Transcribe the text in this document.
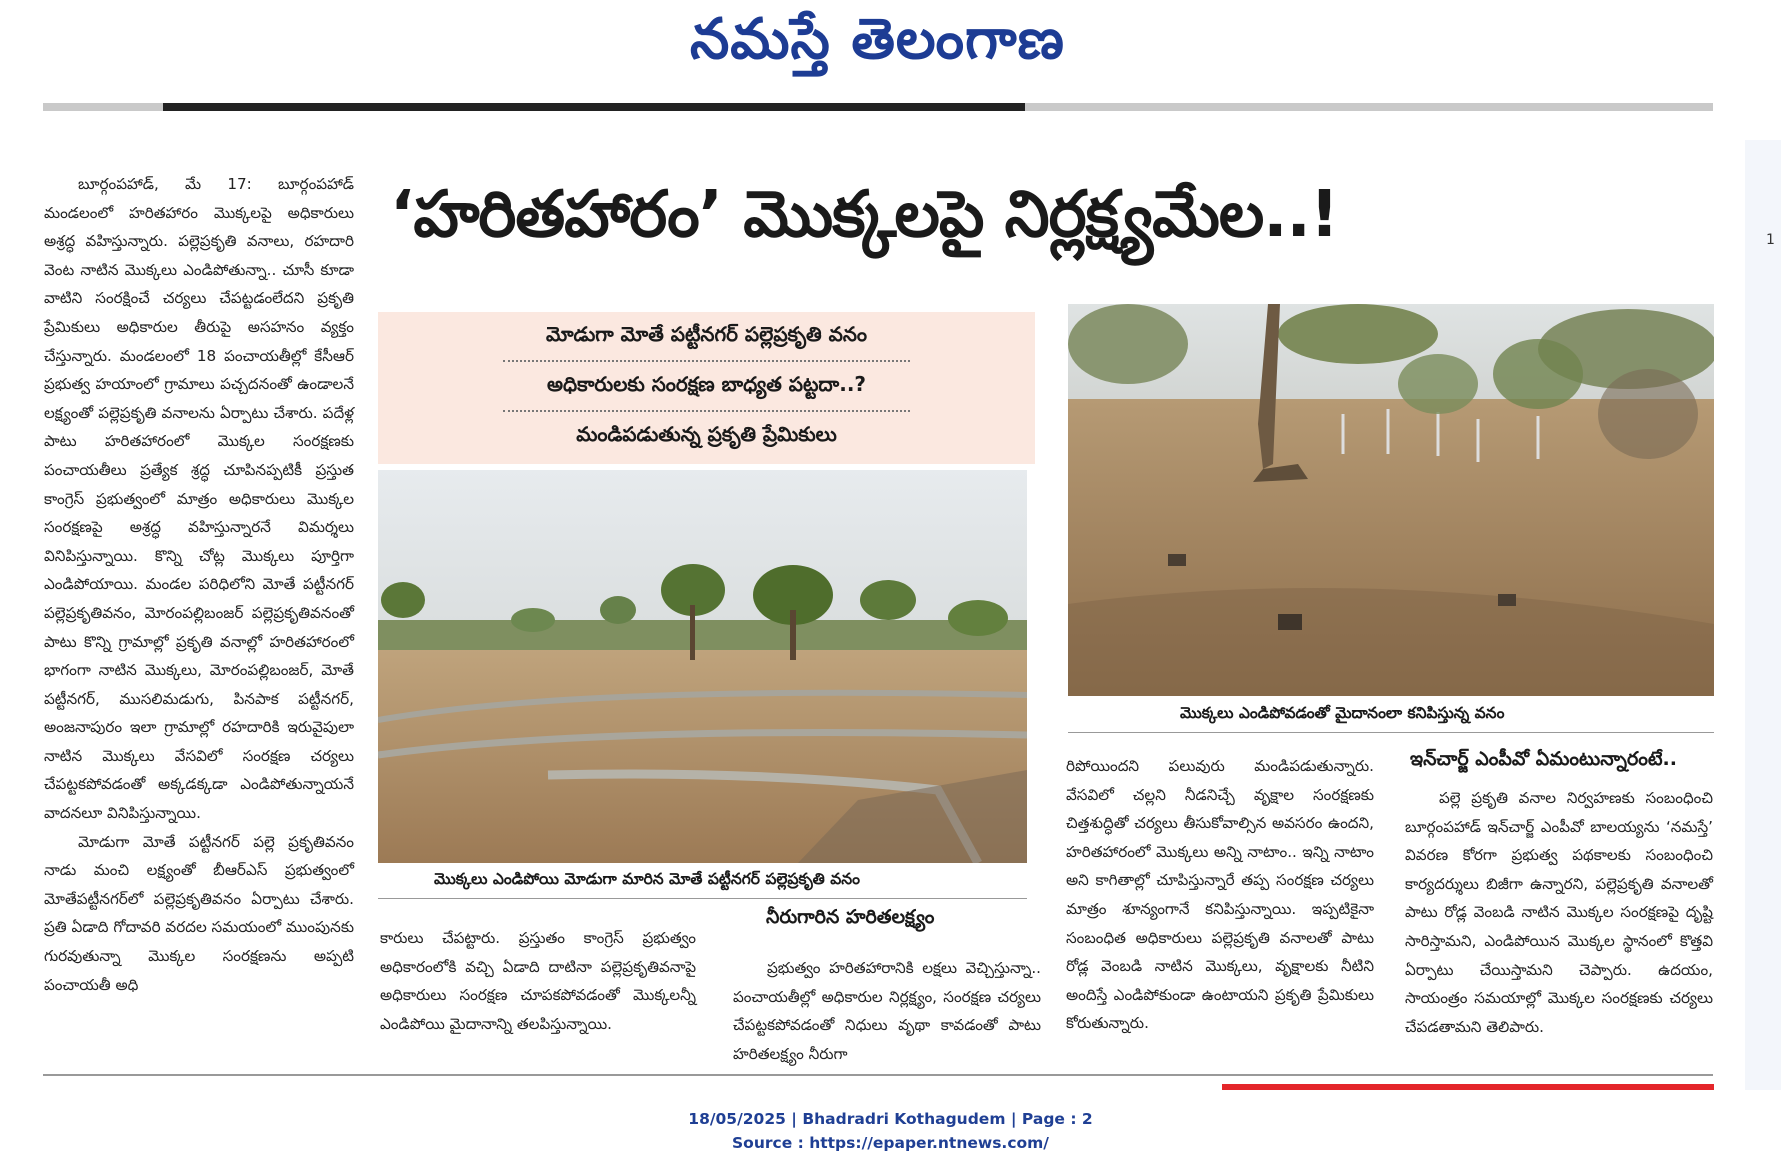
నమస్తే తెలంగాణ
1
‘హరితహారం’ మొక్కలపై నిర్లక్ష్యమేల..!

బూర్గంపహాడ్, మే 17: బూర్గంపహాడ్ మండలంలో హరితహారం మొక్కలపై అధికారులు అశ్రద్ధ వహిస్తున్నారు. పల్లెప్రకృతి వనాలు, రహదారి వెంట నాటిన మొక్కలు ఎండిపోతున్నా.. చూసీ కూడా వాటిని సంరక్షించే చర్యలు చేపట్టడంలేదని ప్రకృతి ప్రేమికులు అధికారుల తీరుపై అసహనం వ్యక్తం చేస్తున్నారు. మండలంలో 18 పంచాయతీల్లో కేసీఆర్ ప్రభుత్వ హయాంలో గ్రామాలు పచ్చదనంతో ఉండాలనే లక్ష్యంతో పల్లెప్రకృతి వనాలను ఏర్పాటు చేశారు. పదేళ్ల పాటు హరితహారంలో మొక్కల సంరక్షణకు పంచాయతీలు ప్రత్యేక శ్రద్ధ చూపినప్పటికీ ప్రస్తుత కాంగ్రెస్ ప్రభుత్వంలో మాత్రం అధికారులు మొక్కల సంరక్షణపై అశ్రద్ధ వహిస్తున్నారనే విమర్శలు వినిపిస్తున్నాయి. కొన్ని చోట్ల మొక్కలు పూర్తిగా ఎండిపోయాయి. మండల పరిధిలోని మోతే పట్టీనగర్ పల్లెప్రకృతివనం, మోరంపల్లిబంజర్ పల్లెప్రకృతివనంతో పాటు కొన్ని గ్రామాల్లో ప్రకృతి వనాల్లో హరితహారంలో భాగంగా నాటిన మొక్కలు, మోరంపల్లిబంజర్, మోతే పట్టీనగర్, ముసలిమడుగు, పినపాక పట్టీనగర్, అంజనాపురం ఇలా గ్రామాల్లో రహదారికి ఇరువైపులా నాటిన మొక్కలు వేసవిలో సంరక్షణ చర్యలు చేపట్టకపోవడంతో అక్కడక్కడా ఎండిపోతున్నాయనే వాదనలూ వినిపిస్తున్నాయి.

మోడుగా మోతే పట్టీనగర్ పల్లె ప్రకృతివనం నాడు మంచి లక్ష్యంతో బీఆర్ఎస్ ప్రభుత్వంలో మోతేపట్టీనగర్‌లో పల్లెప్రకృతివనం ఏర్పాటు చేశారు. ప్రతి ఏడాది గోదావరి వరదల సమయంలో ముంపునకు గురవుతున్నా మొక్కల సంరక్షణను అప్పటి పంచాయతీ అధి

మోడుగా మోతే పట్టీనగర్ పల్లెప్రకృతి వనం
అధికారులకు సంరక్షణ బాధ్యత పట్టదా..?
మండిపడుతున్న ప్రకృతి ప్రేమికులు
మొక్కలు ఎండిపోయి మోడుగా మారిన మోతే పట్టీనగర్ పల్లెప్రకృతి వనం
మొక్కలు ఎండిపోవడంతో మైదానంలా కనిపిస్తున్న వనం

కారులు చేపట్టారు. ప్రస్తుతం కాంగ్రెస్ ప్రభుత్వం అధికారంలోకి వచ్చి ఏడాది దాటినా పల్లెప్రకృతివనాపై అధికారులు సంరక్షణ చూపకపోవడంతో మొక్కలన్నీ ఎండిపోయి మైదానాన్ని తలపిస్తున్నాయి.

నీరుగారిన హరితలక్ష్యం

ప్రభుత్వం హరితహారానికి లక్షలు వెచ్చిస్తున్నా.. పంచాయతీల్లో అధికారుల నిర్లక్ష్యం, సంరక్షణ చర్యలు చేపట్టకపోవడంతో నిధులు వృథా కావడంతో పాటు హరితలక్ష్యం నీరుగా

రిపోయిందని పలువురు మండిపడుతున్నారు. వేసవిలో చల్లని నీడనిచ్చే వృక్షాల సంరక్షణకు చిత్తశుద్ధితో చర్యలు తీసుకోవాల్సిన అవసరం ఉందని, హరితహారంలో మొక్కలు అన్ని నాటాం.. ఇన్ని నాటాం అని కాగితాల్లో చూపిస్తున్నారే తప్ప సంరక్షణ చర్యలు మాత్రం శూన్యంగానే కనిపిస్తున్నాయి. ఇప్పటికైనా సంబంధిత అధికారులు పల్లెప్రకృతి వనాలతో పాటు రోడ్ల వెంబడి నాటిన మొక్కలు, వృక్షాలకు నీటిని అందిస్తే ఎండిపోకుండా ఉంటాయని ప్రకృతి ప్రేమికులు కోరుతున్నారు.

ఇన్‌చార్జ్ ఎంపీవో ఏమంటున్నారంటే..

పల్లె ప్రకృతి వనాల నిర్వహణకు సంబంధించి బూర్గంపహాడ్ ఇన్‌చార్జ్ ఎంపీవో బాలయ్యను ‘నమస్తే’ వివరణ కోరగా ప్రభుత్వ పథకాలకు సంబంధించి కార్యదర్శులు బిజీగా ఉన్నారని, పల్లెప్రకృతి వనాలతో పాటు రోడ్ల వెంబడి నాటిన మొక్కల సంరక్షణపై దృష్టి సారిస్తామని, ఎండిపోయిన మొక్కల స్థానంలో కొత్తవి ఏర్పాటు చేయిస్తామని చెప్పారు. ఉదయం, సాయంత్రం సమయాల్లో మొక్కల సంరక్షణకు చర్యలు చేపడతామని తెలిపారు.

18/05/2025 | Bhadradri Kothagudem | Page : 2
Source : https://epaper.ntnews.com/
